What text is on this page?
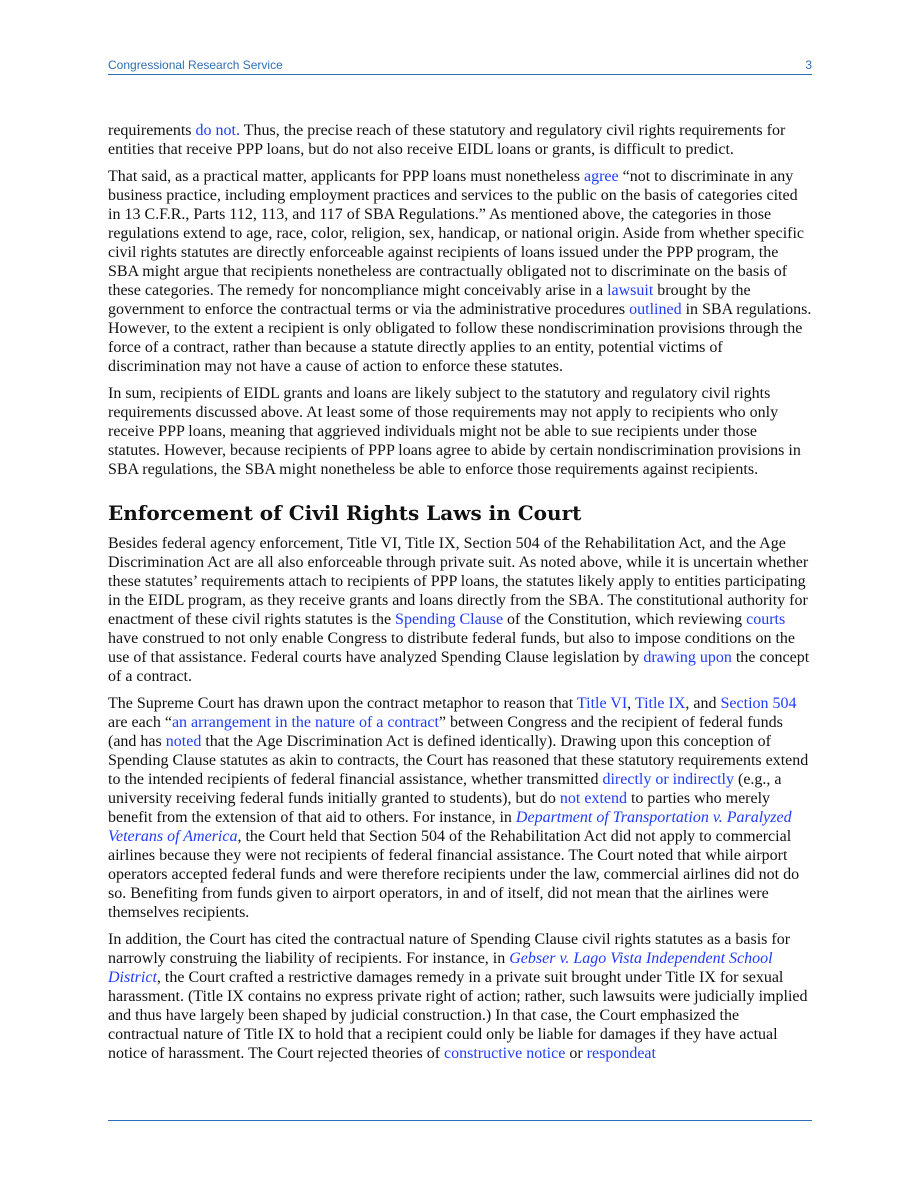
Congressional Research Service	3

requirements do not. Thus, the precise reach of these statutory and regulatory civil rights requirements for entities that receive PPP loans, but do not also receive EIDL loans or grants, is difficult to predict.

That said, as a practical matter, applicants for PPP loans must nonetheless agree “not to discriminate in any business practice, including employment practices and services to the public on the basis of categories cited in 13 C.F.R., Parts 112, 113, and 117 of SBA Regulations.” As mentioned above, the categories in those regulations extend to age, race, color, religion, sex, handicap, or national origin. Aside from whether specific civil rights statutes are directly enforceable against recipients of loans issued under the PPP program, the SBA might argue that recipients nonetheless are contractually obligated not to discriminate on the basis of these categories. The remedy for noncompliance might conceivably arise in a lawsuit brought by the government to enforce the contractual terms or via the administrative procedures outlined in SBA regulations. However, to the extent a recipient is only obligated to follow these nondiscrimination provisions through the force of a contract, rather than because a statute directly applies to an entity, potential victims of discrimination may not have a cause of action to enforce these statutes.

In sum, recipients of EIDL grants and loans are likely subject to the statutory and regulatory civil rights requirements discussed above. At least some of those requirements may not apply to recipients who only receive PPP loans, meaning that aggrieved individuals might not be able to sue recipients under those statutes. However, because recipients of PPP loans agree to abide by certain nondiscrimination provisions in SBA regulations, the SBA might nonetheless be able to enforce those requirements against recipients.

Enforcement of Civil Rights Laws in Court

Besides federal agency enforcement, Title VI, Title IX, Section 504 of the Rehabilitation Act, and the Age Discrimination Act are all also enforceable through private suit. As noted above, while it is uncertain whether these statutes’ requirements attach to recipients of PPP loans, the statutes likely apply to entities participating in the EIDL program, as they receive grants and loans directly from the SBA. The constitutional authority for enactment of these civil rights statutes is the Spending Clause of the Constitution, which reviewing courts have construed to not only enable Congress to distribute federal funds, but also to impose conditions on the use of that assistance. Federal courts have analyzed Spending Clause legislation by drawing upon the concept of a contract.

The Supreme Court has drawn upon the contract metaphor to reason that Title VI, Title IX, and Section 504 are each “an arrangement in the nature of a contract” between Congress and the recipient of federal funds (and has noted that the Age Discrimination Act is defined identically). Drawing upon this conception of Spending Clause statutes as akin to contracts, the Court has reasoned that these statutory requirements extend to the intended recipients of federal financial assistance, whether transmitted directly or indirectly (e.g., a university receiving federal funds initially granted to students), but do not extend to parties who merely benefit from the extension of that aid to others. For instance, in Department of Transportation v. Paralyzed Veterans of America, the Court held that Section 504 of the Rehabilitation Act did not apply to commercial airlines because they were not recipients of federal financial assistance. The Court noted that while airport operators accepted federal funds and were therefore recipients under the law, commercial airlines did not do so. Benefiting from funds given to airport operators, in and of itself, did not mean that the airlines were themselves recipients.

In addition, the Court has cited the contractual nature of Spending Clause civil rights statutes as a basis for narrowly construing the liability of recipients. For instance, in Gebser v. Lago Vista Independent School District, the Court crafted a restrictive damages remedy in a private suit brought under Title IX for sexual harassment. (Title IX contains no express private right of action; rather, such lawsuits were judicially implied and thus have largely been shaped by judicial construction.) In that case, the Court emphasized the contractual nature of Title IX to hold that a recipient could only be liable for damages if they have actual notice of harassment. The Court rejected theories of constructive notice or respondeat
